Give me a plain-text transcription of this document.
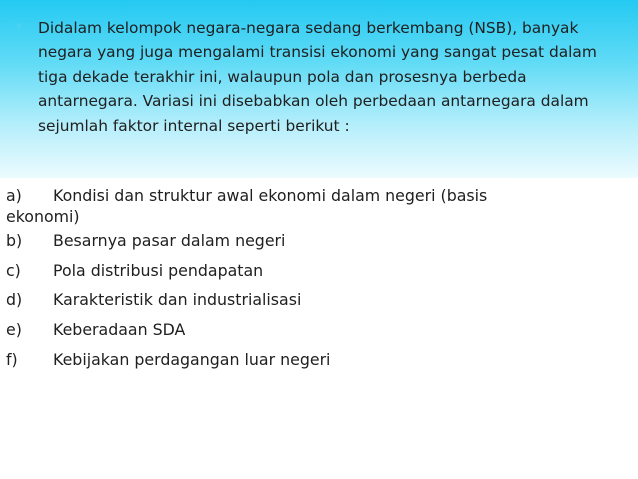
✳ Didalam kelompok negara-negara sedang berkembang (NSB), banyak negara yang juga mengalami transisi ekonomi yang sangat pesat dalam tiga dekade terakhir ini, walaupun pola dan prosesnya berbeda antarnegara. Variasi ini disebabkan oleh perbedaan antarnegara dalam sejumlah faktor internal seperti berikut :
a) Kondisi dan struktur awal ekonomi dalam negeri (basis
ekonomi)
b) Besarnya pasar dalam negeri
c) Pola distribusi pendapatan
d) Karakteristik dan industrialisasi
e) Keberadaan SDA
f) Kebijakan perdagangan luar negeri
